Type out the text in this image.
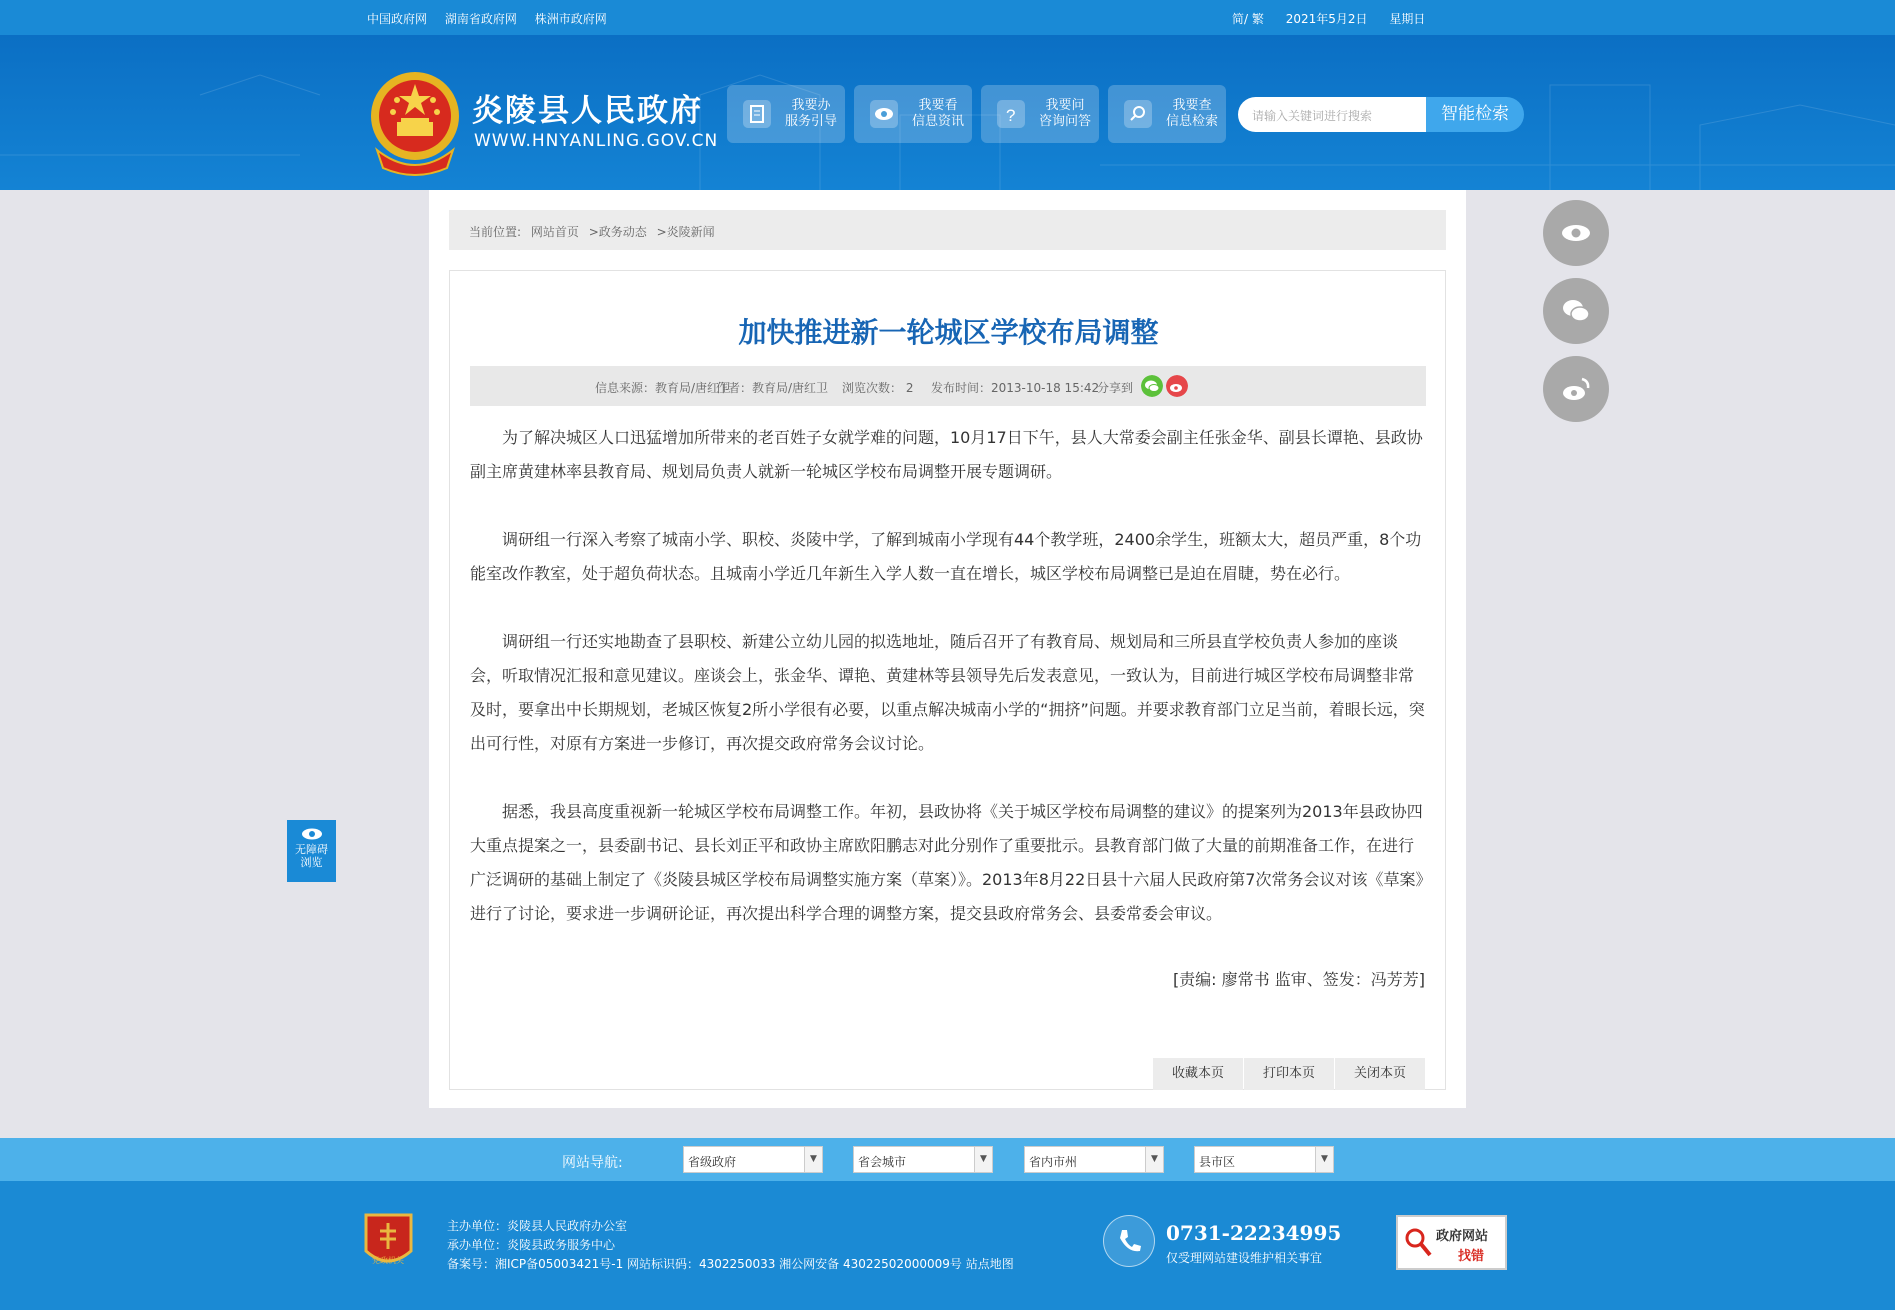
中国政府网 湖南省政府网 株洲市政府网	简/ 繁 2021年5月2日 星期日
炎陵县人民政府
WWW.HNYANLING.GOV.CN
我要办
服务引导
我要看
信息资讯 ?
我要问
咨询问答
我要查
信息检索	请输入关键词进行搜索	智能检索
当前位置: 网站首页 >政务动态 >炎陵新闻
加快推进新一轮城区学校布局调整
信息来源：教育局/唐红卫
作者：教育局/唐红卫 浏览次数： 2 发布时间：2013-10-18 15:42
分享到

为了解决城区人口迅猛增加所带来的老百姓子女就学难的问题，10月17日下午，县人大常委会副主任张金华、副县长谭艳、县政协副主席黄建林率县教育局、规划局负责人就新一轮城区学校布局调整开展专题调研。

调研组一行深入考察了城南小学、职校、炎陵中学，了解到城南小学现有44个教学班，2400余学生，班额太大，超员严重，8个功能室改作教室，处于超负荷状态。且城南小学近几年新生入学人数一直在增长，城区学校布局调整已是迫在眉睫，势在必行。

调研组一行还实地勘查了县职校、新建公立幼儿园的拟选地址，随后召开了有教育局、规划局和三所县直学校负责人参加的座谈会，听取情况汇报和意见建议。座谈会上，张金华、谭艳、黄建林等县领导先后发表意见，一致认为，目前进行城区学校布局调整非常及时，要拿出中长期规划，老城区恢复2所小学很有必要，以重点解决城南小学的“拥挤”问题。并要求教育部门立足当前，着眼长远，突出可行性，对原有方案进一步修订，再次提交政府常务会议讨论。

据悉，我县高度重视新一轮城区学校布局调整工作。年初，县政协将《关于城区学校布局调整的建议》的提案列为2013年县政协四大重点提案之一，县委副书记、县长刘正平和政协主席欧阳鹏志对此分别作了重要批示。县教育部门做了大量的前期准备工作，在进行广泛调研的基础上制定了《炎陵县城区学校布局调整实施方案（草案）》。2013年8月22日县十六届人民政府第7次常务会议对该《草案》进行了讨论，要求进一步调研论证，再次提出科学合理的调整方案，提交县政府常务会、县委常委会审议。

[责编: 廖常书 监审、签发：冯芳芳]
收藏本页	打印本页	关闭本页
无障碍
浏览
网站导航:	省级政府	▼	省会城市	▼	省内市州	▼	县市区	▼
党政机关
主办单位：炎陵县人民政府办公室
承办单位：炎陵县政务服务中心
备案号：湘ICP备05003421号-1 网站标识码：4302250033 湘公网安备 43022502000009号 站点地图
0731-22234995
仅受理网站建设维护相关事宜
政府网站
找错
